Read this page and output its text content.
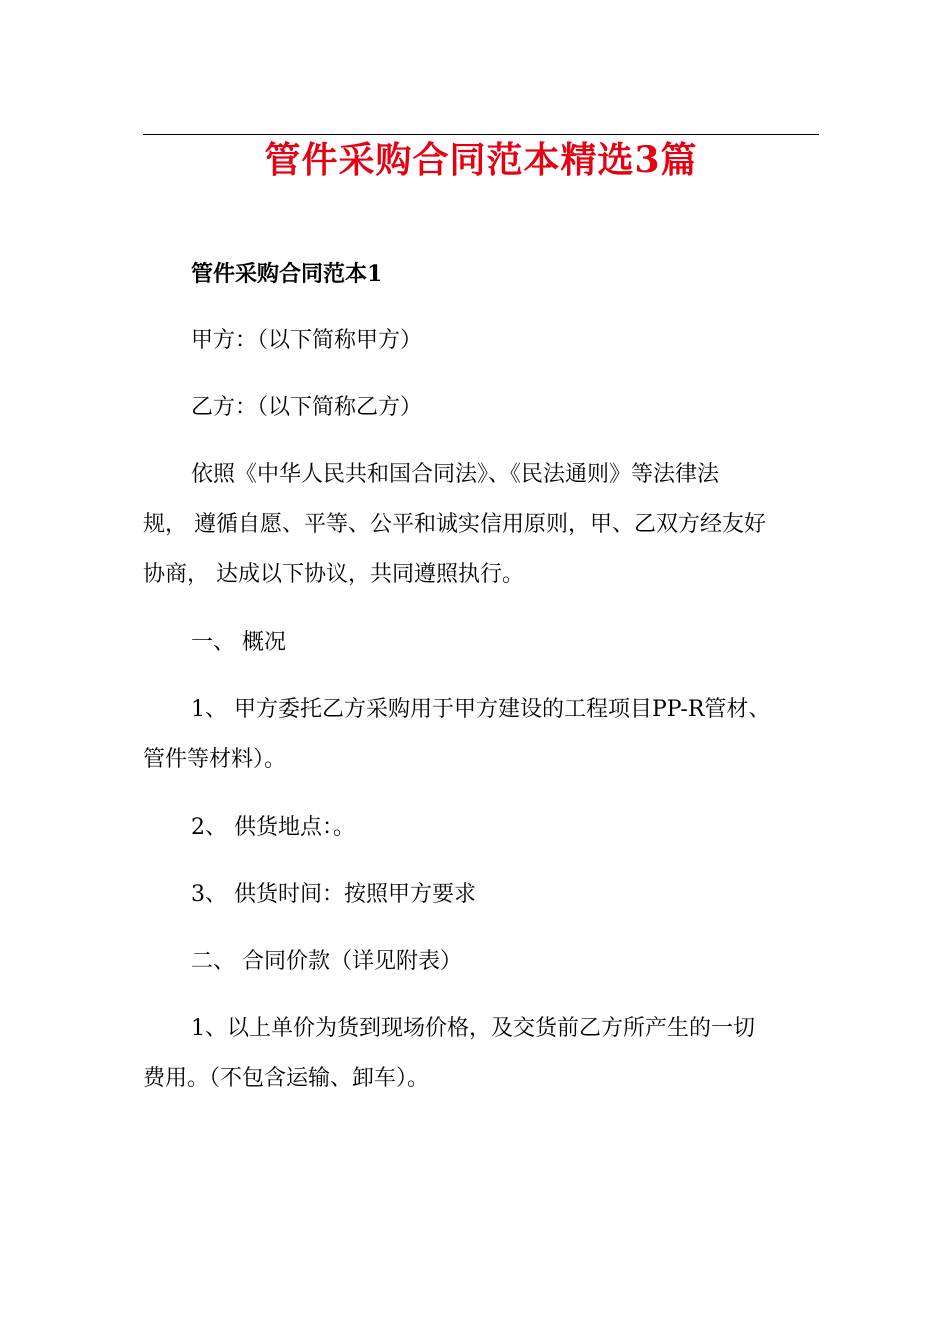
管件采购合同范本精选3篇

管件采购合同范本1

甲方：（以下简称甲方）

乙方：（以下简称乙方）

依照《中华人民共和国合同法》、《民法通则》等法律法
规， 遵循自愿、平等、公平和诚实信用原则，甲、乙双方经友好
协商， 达成以下协议，共同遵照执行。

一、 概况

1、 甲方委托乙方采购用于甲方建设的工程项目PP-R管材、
管件等材料）。

2、 供货地点：。

3、 供货时间：按照甲方要求

二、 合同价款（详见附表）

1、以上单价为货到现场价格，及交货前乙方所产生的一切
费用。（不包含运输、卸车）。
